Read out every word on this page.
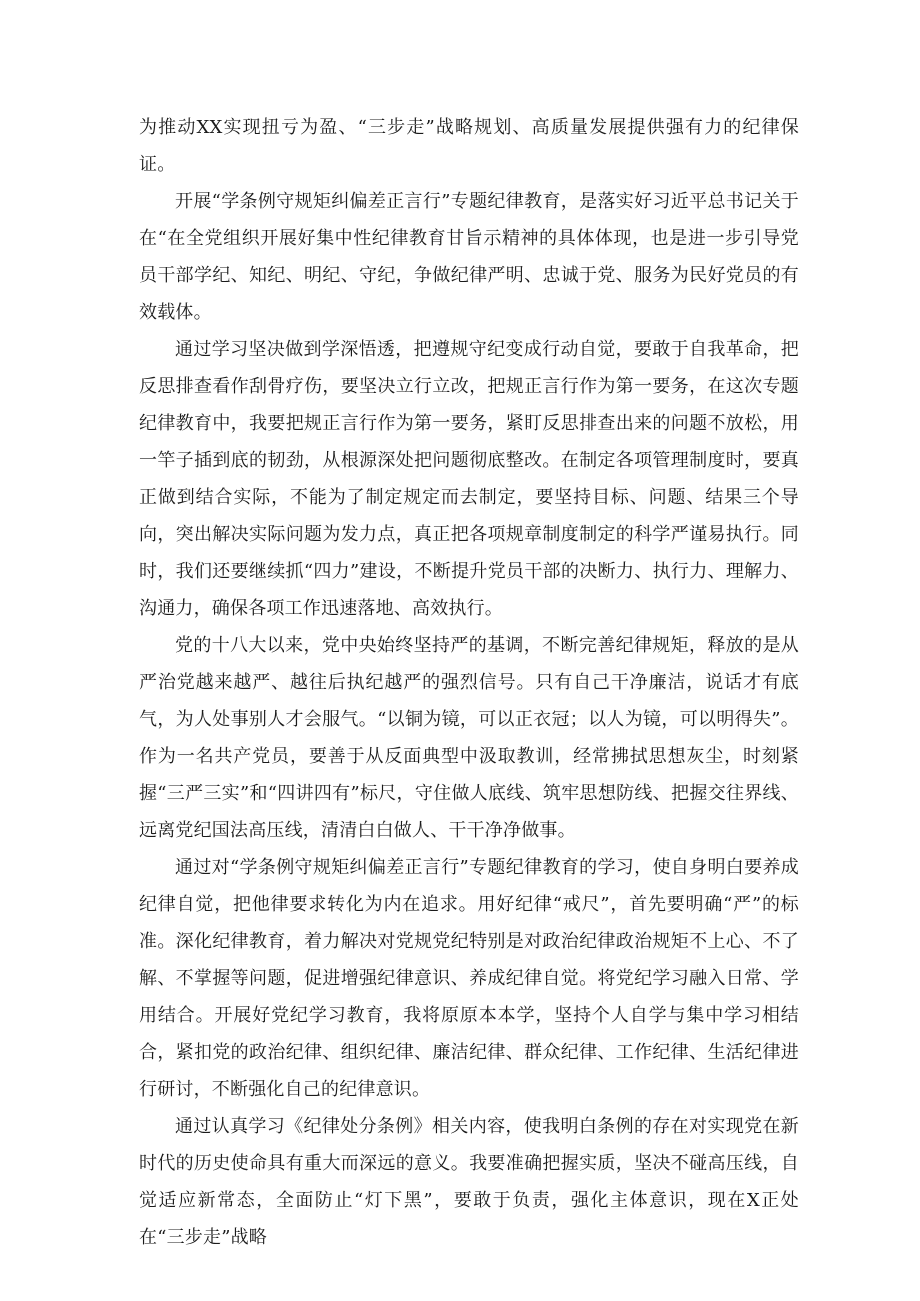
为推动XX实现扭亏为盈、“三步走”战略规划、高质量发展提供强有力的纪律保证。

开展“学条例守规矩纠偏差正言行”专题纪律教育，是落实好习近平总书记关于在“在全党组织开展好集中性纪律教育甘旨示精神的具体体现，也是进一步引导党员干部学纪、知纪、明纪、守纪，争做纪律严明、忠诚于党、服务为民好党员的有效载体。

通过学习坚决做到学深悟透，把遵规守纪变成行动自觉，要敢于自我革命，把反思排查看作刮骨疗伤，要坚决立行立改，把规正言行作为第一要务，在这次专题纪律教育中，我要把规正言行作为第一要务，紧盯反思排查出来的问题不放松，用一竿子插到底的韧劲，从根源深处把问题彻底整改。在制定各项管理制度时，要真正做到结合实际，不能为了制定规定而去制定，要坚持目标、问题、结果三个导向，突出解决实际问题为发力点，真正把各项规章制度制定的科学严谨易执行。同时，我们还要继续抓“四力”建设，不断提升党员干部的决断力、执行力、理解力、沟通力，确保各项工作迅速落地、高效执行。

党的十八大以来，党中央始终坚持严的基调，不断完善纪律规矩，释放的是从严治党越来越严、越往后执纪越严的强烈信号。只有自己干净廉洁，说话才有底气，为人处事别人才会服气。“以铜为镜，可以正衣冠；以人为镜，可以明得失”。作为一名共产党员，要善于从反面典型中汲取教训，经常拂拭思想灰尘，时刻紧握“三严三实”和“四讲四有”标尺，守住做人底线、筑牢思想防线、把握交往界线、远离党纪国法高压线，清清白白做人、干干净净做事。

通过对“学条例守规矩纠偏差正言行”专题纪律教育的学习，使自身明白要养成纪律自觉，把他律要求转化为内在追求。用好纪律“戒尺”，首先要明确“严”的标准。深化纪律教育，着力解决对党规党纪特别是对政治纪律政治规矩不上心、不了解、不掌握等问题，促进增强纪律意识、养成纪律自觉。将党纪学习融入日常、学用结合。开展好党纪学习教育，我将原原本本学，坚持个人自学与集中学习相结合，紧扣党的政治纪律、组织纪律、廉洁纪律、群众纪律、工作纪律、生活纪律进行研讨，不断强化自己的纪律意识。

通过认真学习《纪律处分条例》相关内容，使我明白条例的存在对实现党在新时代的历史使命具有重大而深远的意义。我要准确把握实质，坚决不碰高压线，自觉适应新常态，全面防止“灯下黑”，要敢于负责，强化主体意识，现在X正处在“三步走”战略
